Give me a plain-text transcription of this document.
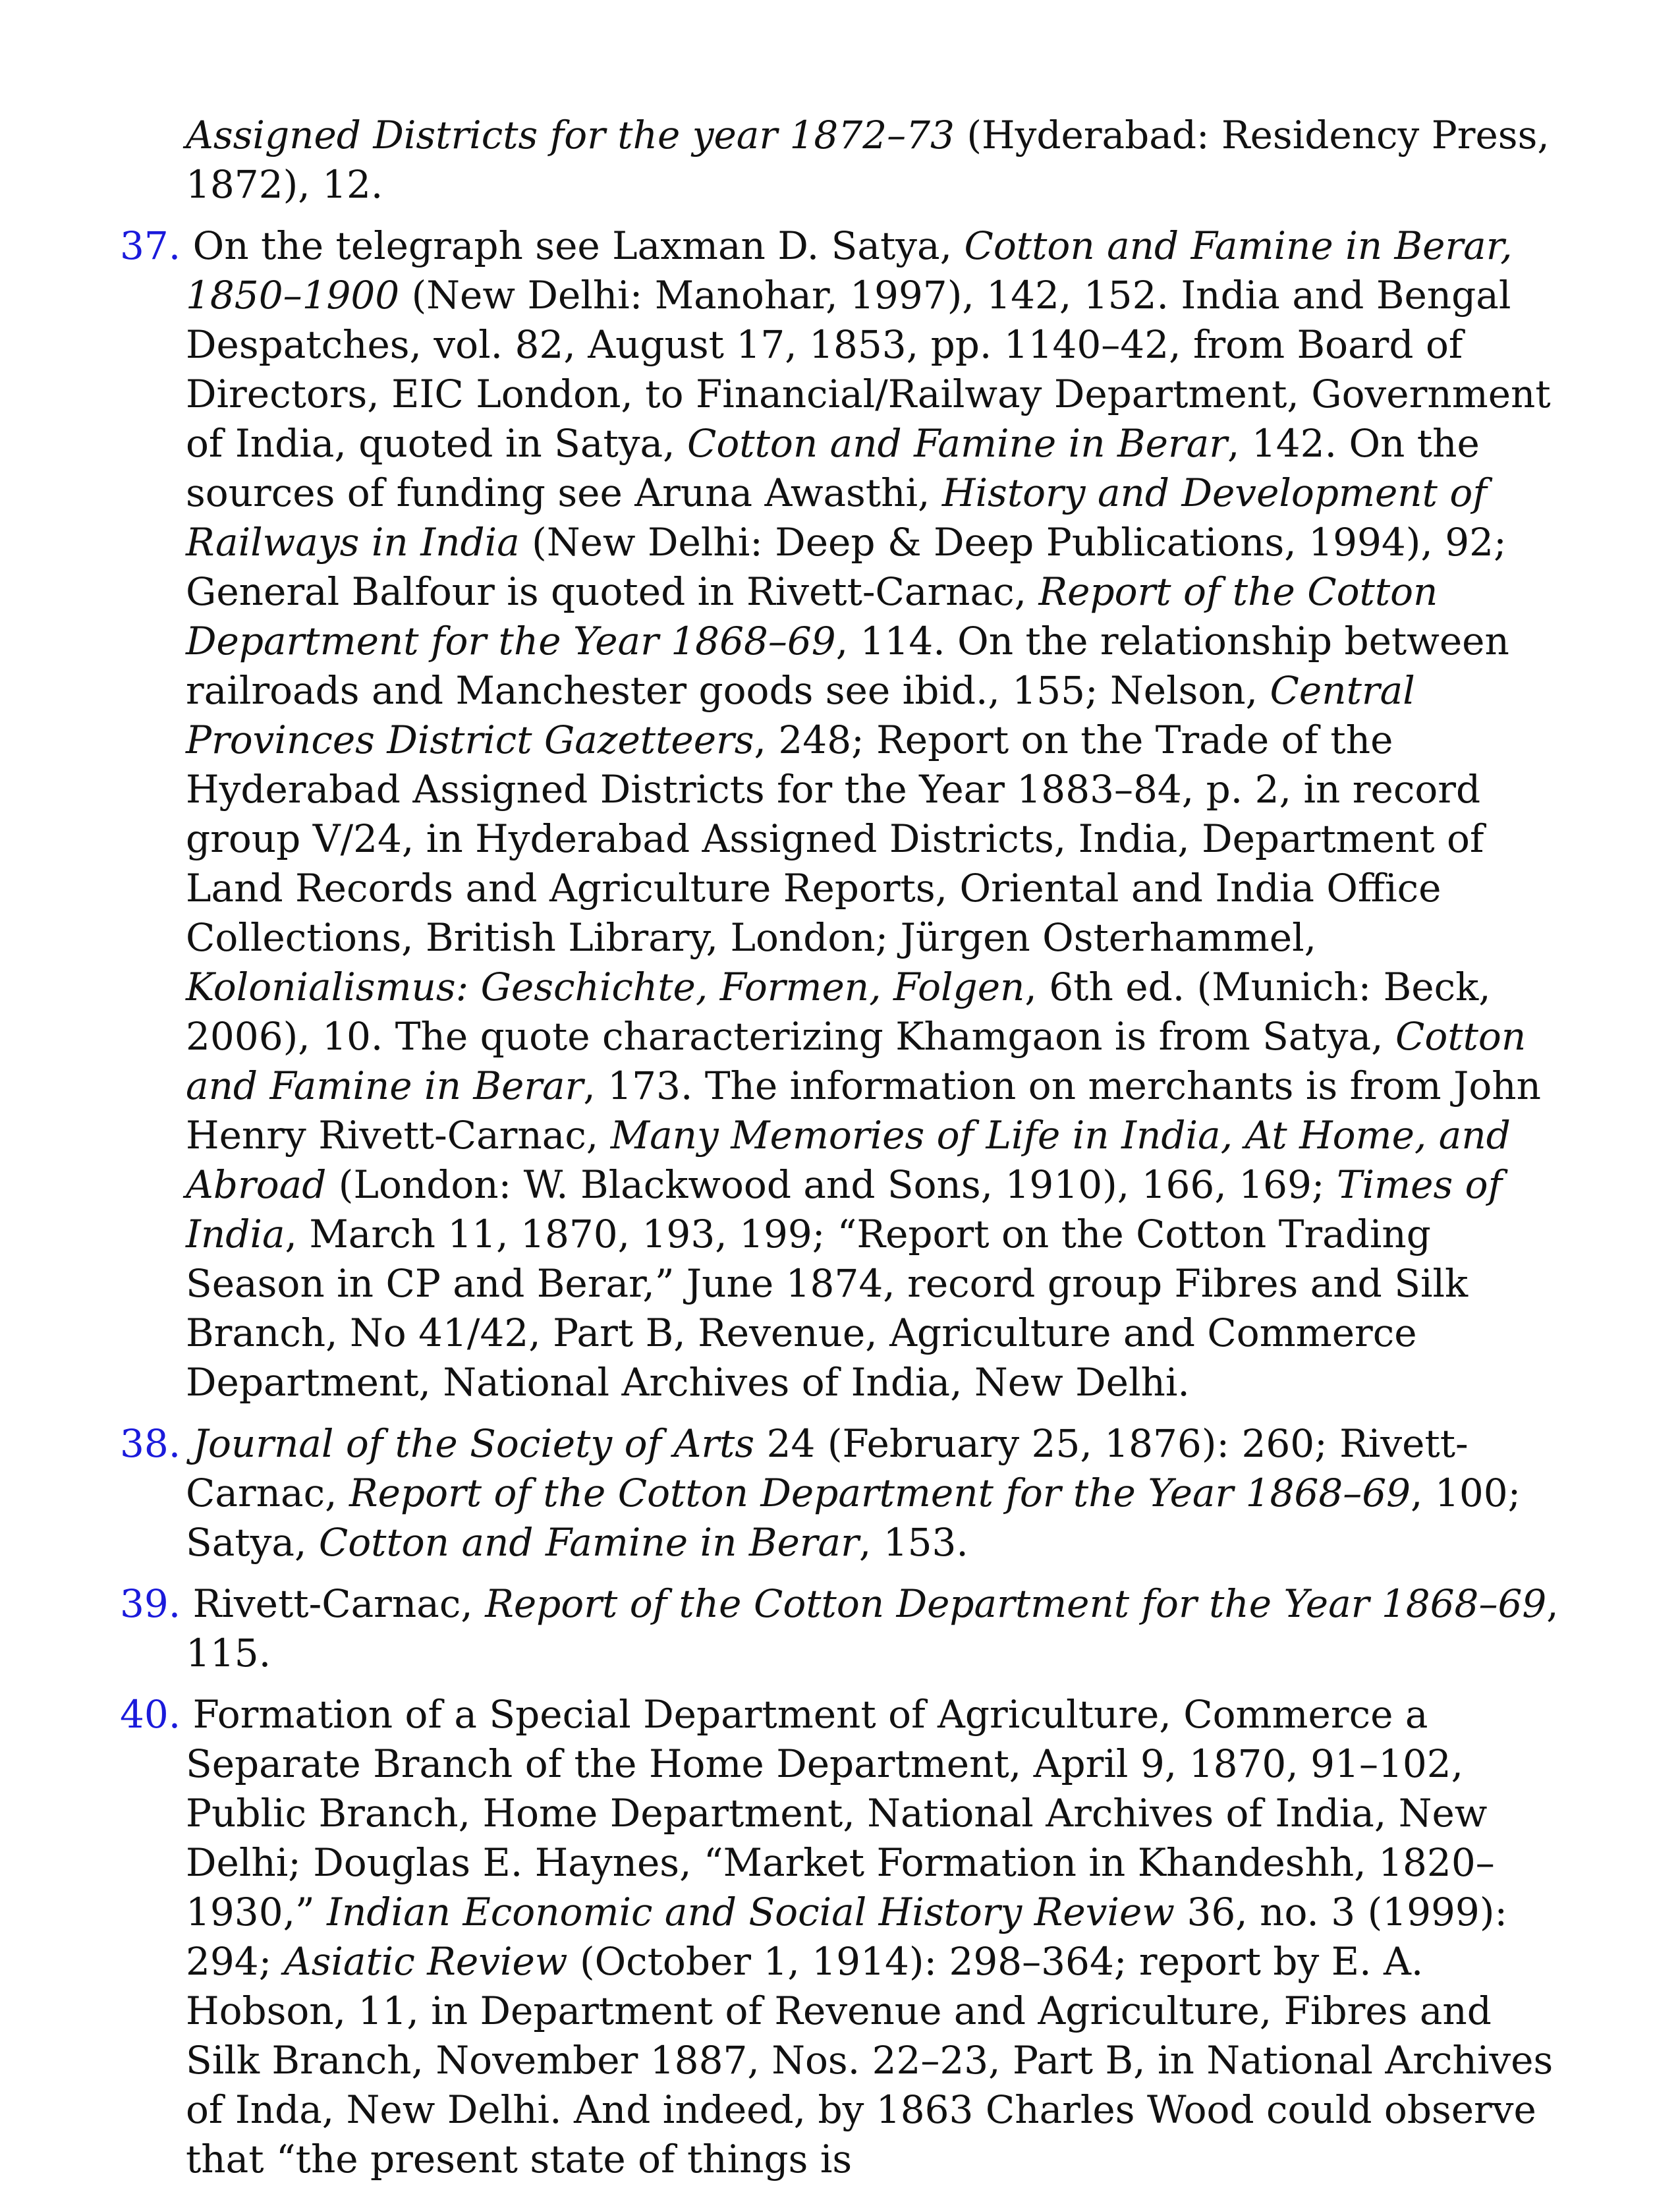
Assigned Districts for the year 1872–73 (Hyderabad: Residency Press, 1872), 12.

37. On the telegraph see Laxman D. Satya, Cotton and Famine in Berar, 1850–1900 (New Delhi: Manohar, 1997), 142, 152. India and Bengal Despatches, vol. 82, August 17, 1853, pp. 1140–42, from Board of Directors, EIC London, to Financial/Railway Department, Government of India, quoted in Satya, Cotton and Famine in Berar, 142. On the sources of funding see Aruna Awasthi, History and Development of Railways in India (New Delhi: Deep & Deep Publications, 1994), 92; General Balfour is quoted in Rivett-Carnac, Report of the Cotton Department for the Year 1868–69, 114. On the relationship between railroads and Manchester goods see ibid., 155; Nelson, Central Provinces District Gazetteers, 248; Report on the Trade of the Hyderabad Assigned Districts for the Year 1883–84, p. 2, in record group V/24, in Hyderabad Assigned Districts, India, Department of Land Records and Agriculture Reports, Oriental and India Office Collections, British Library, London; Jürgen Osterhammel, Kolonialismus: Geschichte, Formen, Folgen, 6th ed. (Munich: Beck, 2006), 10. The quote characterizing Khamgaon is from Satya, Cotton and Famine in Berar, 173. The information on merchants is from John Henry Rivett-Carnac, Many Memories of Life in India, At Home, and Abroad (London: W. Blackwood and Sons, 1910), 166, 169; Times of India, March 11, 1870, 193, 199; “Report on the Cotton Trading Season in CP and Berar,” June 1874, record group Fibres and Silk Branch, No 41/42, Part B, Revenue, Agriculture and Commerce Department, National Archives of India, New Delhi.

38. Journal of the Society of Arts 24 (February 25, 1876): 260; Rivett-Carnac, Report of the Cotton Department for the Year 1868–69, 100; Satya, Cotton and Famine in Berar, 153.

39. Rivett-Carnac, Report of the Cotton Department for the Year 1868–69, 115.

40. Formation of a Special Department of Agriculture, Commerce a Separate Branch of the Home Department, April 9, 1870, 91–102, Public Branch, Home Department, National Archives of India, New Delhi; Douglas E. Haynes, “Market Formation in Khandeshh, 1820–1930,” Indian Economic and Social History Review 36, no. 3 (1999): 294; Asiatic Review (October 1, 1914): 298–364; report by E. A. Hobson, 11, in Department of Revenue and Agriculture, Fibres and Silk Branch, November 1887, Nos. 22–23, Part B, in National Archives of Inda, New Delhi. And indeed, by 1863 Charles Wood could observe that “the present state of things is
